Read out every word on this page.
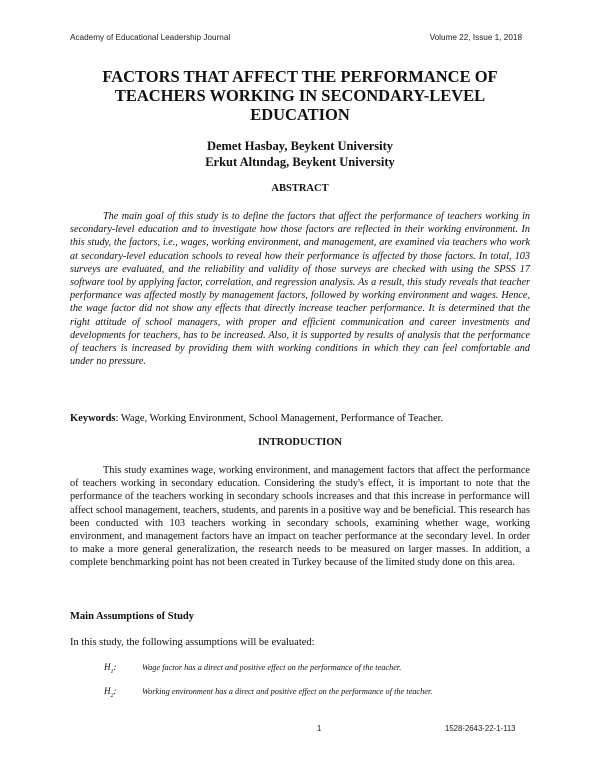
Academy of Educational Leadership Journal	Volume 22, Issue 1, 2018
FACTORS THAT AFFECT THE PERFORMANCE OF TEACHERS WORKING IN SECONDARY-LEVEL EDUCATION
Demet Hasbay, Beykent University
Erkut Altındag, Beykent University
ABSTRACT

The main goal of this study is to define the factors that affect the performance of teachers working in secondary-level education and to investigate how those factors are reflected in their working environment. In this study, the factors, i.e., wages, working environment, and management, are examined via teachers who work at secondary-level education schools to reveal how their performance is affected by those factors. In total, 103 surveys are evaluated, and the reliability and validity of those surveys are checked with using the SPSS 17 software tool by applying factor, correlation, and regression analysis. As a result, this study reveals that teacher performance was affected mostly by management factors, followed by working environment and wages. Hence, the wage factor did not show any effects that directly increase teacher performance. It is determined that the right attitude of school managers, with proper and efficient communication and career investments and developments for teachers, has to be increased. Also, it is supported by results of analysis that the performance of teachers is increased by providing them with working conditions in which they can feel comfortable and under no pressure.

Keywords: Wage, Working Environment, School Management, Performance of Teacher.

INTRODUCTION

This study examines wage, working environment, and management factors that affect the performance of teachers working in secondary education. Considering the study's effect, it is important to note that the performance of the teachers working in secondary schools increases and that this increase in performance will affect school management, teachers, students, and parents in a positive way and be beneficial. This research has been conducted with 103 teachers working in secondary schools, examining whether wage, working environment, and management factors have an impact on teacher performance at the secondary level. In order to make a more general generalization, the research needs to be measured on larger masses. In addition, a complete benchmarking point has not been created in Turkey because of the limited study done on this area.

Main Assumptions of Study

In this study, the following assumptions will be evaluated:

$H_1$:	Wage factor has a direct and positive effect on the performance of the teacher.
$H_2$:	Working environment has a direct and positive effect on the performance of the teacher.
1	1528-2643-22-1-113
